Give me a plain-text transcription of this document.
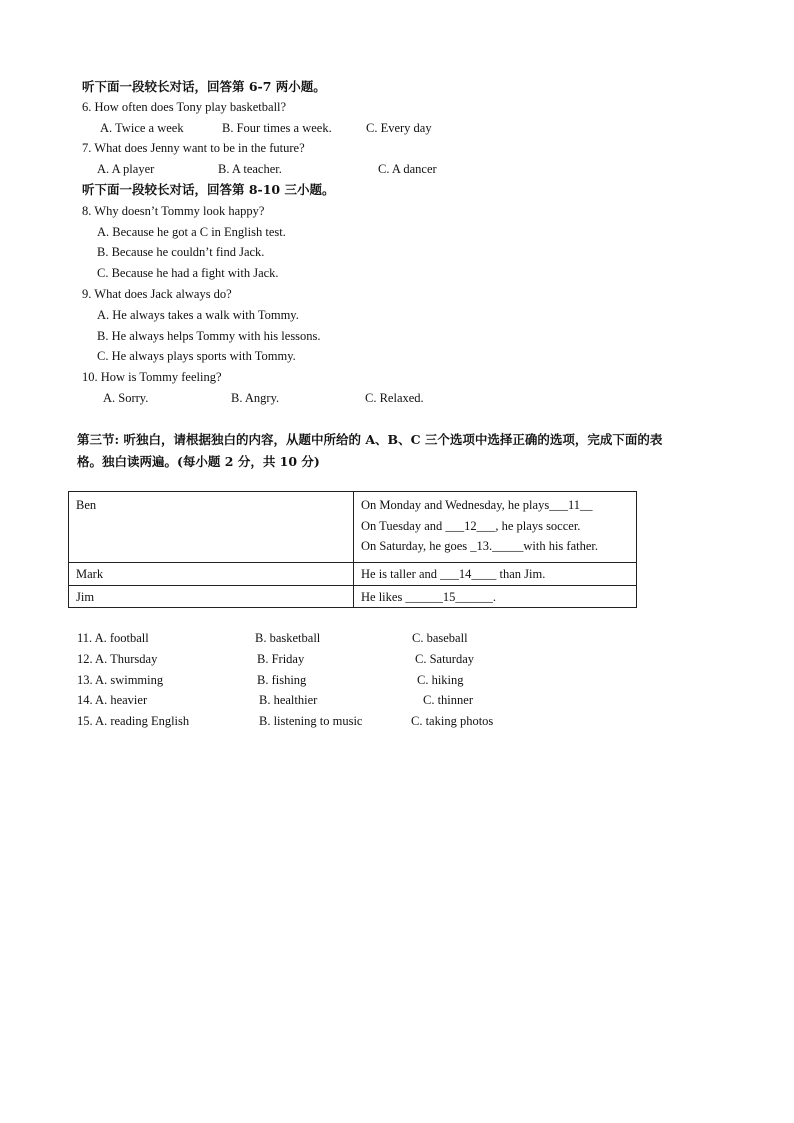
听下面一段较长对话，回答第 6-7 两小题。
6. How often does Tony play basketball?
A. Twice a week	B. Four times a week.	C. Every day
7. What does Jenny want to be in the future?
A. A player	B. A teacher.	C. A dancer
听下面一段较长对话，回答第 8-10 三小题。
8. Why doesn’t Tommy look happy?
A. Because he got a C in English test.
B. Because he couldn’t find Jack.
C. Because he had a fight with Jack.
9. What does Jack always do?
A. He always takes a walk with Tommy.
B. He always helps Tommy with his lessons.
C. He always plays sports with Tommy.
10. How is Tommy feeling?
A. Sorry.	B. Angry.	C. Relaxed.
第三节: 听独白，请根据独白的内容，从题中所给的 A、B、C 三个选项中选择正确的选项，完成下面的表
格。独白读两遍。(每小题 2 分，共 10 分)
Ben	On Monday and Wednesday, he plays___11__
On Tuesday and ___12___, he plays soccer.
On Saturday, he goes _13._____with his father.

Mark	He is taller and ___14____ than Jim.
Jim	He likes ______15______.
11. A. football	B. basketball	C. baseball
12. A. Thursday	B. Friday	C. Saturday
13. A. swimming	B. fishing	C. hiking
14. A. heavier	B. healthier	C. thinner
15. A. reading English	B. listening to music	C. taking photos
